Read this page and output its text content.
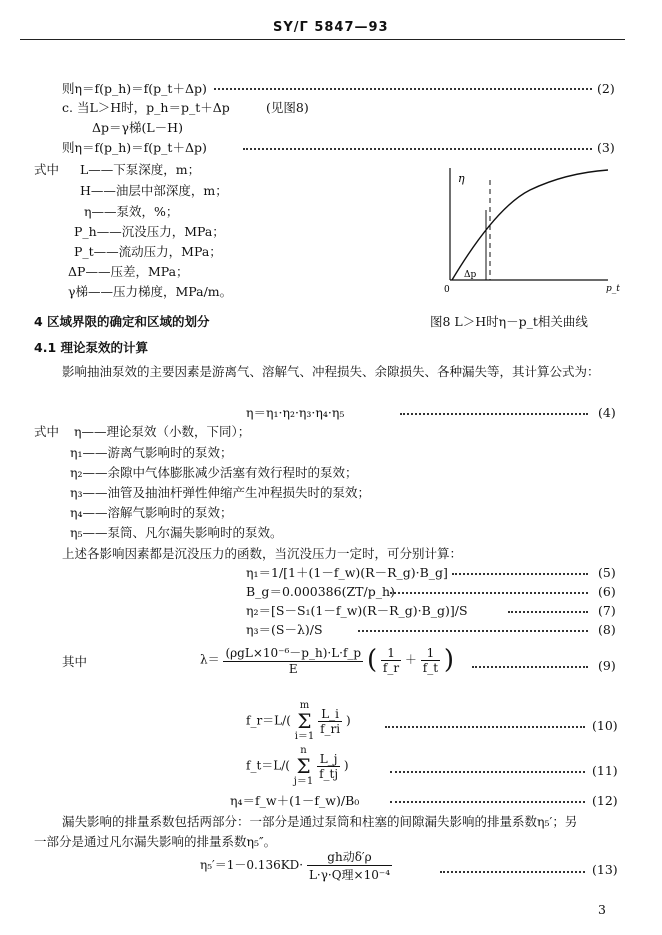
SY/Γ 5847—93
则η＝f(p_h)＝f(p_t＋Δp)	(2)
c. 当L＞H时，p_h＝p_t＋Δp	(见图8)
Δp＝γ梯(L－H)
则η＝f(p_h)＝f(p_t＋Δp)	(3)
式中 L——下泵深度，m；
H——油层中部深度，m；
η——泵效，%；
P_h——沉没压力，MPa；
P_t——流动压力，MPa；
ΔP——压差，MPa；
γ梯——压力梯度，MPa/m。
η
0
Δp
p_t
图8 L＞H时η－p_t相关曲线
4 区域界限的确定和区域的划分
4.1 理论泵效的计算
影响抽油泵效的主要因素是游离气、溶解气、冲程损失、余隙损失、各种漏失等，其计算公式为：
η＝η₁·η₂·η₃·η₄·η₅	(4)
式中 η——理论泵效（小数，下同）；
η₁——游离气影响时的泵效；
η₂——余隙中气体膨胀减少活塞有效行程时的泵效；
η₃——油管及抽油杆弹性伸缩产生冲程损失时的泵效；
η₄——溶解气影响时的泵效；
η₅——泵筒、凡尔漏失影响时的泵效。
上述各影响因素都是沉没压力的函数，当沉没压力一定时，可分别计算：
η₁＝1/[1＋(1－f_w)(R－R_g)·B_g]	(5)
B_g＝0.000386(ZT/p_h)	(6)
η₂＝[S－S₁(1－f_w)(R－R_g)·B_g)]/S	(7)
η₃＝(S－λ)/S	(8)
其中	$\lambda= \frac{\text{(ρgL×10⁻⁶－p\_h)·L·f\_p}}{E}$ ( $\frac{1}{f\_r} + \frac{1}{f\_t}$ )	(9)
f_r＝L/( m
Σ
i＝1
$\frac{L\_i}{f\_ri}$ )	(10)
f_t＝L/( n
Σ
j＝1
$\frac{L\_j}{f\_tj}$ )	(11)
η₄＝f_w＋(1－f_w)/B₀	(12)
漏失影响的排量系数包括两部分：一部分是通过泵筒和柱塞的间隙漏失影响的排量系数η₅′；另
一部分是通过凡尔漏失影响的排量系数η₅″。
$\eta_5'=1-0.136KD\cdot \frac{\text{gh动δ′ρ}}{\text{L·γ·Q理×10⁻⁴}}$	(13)
3
